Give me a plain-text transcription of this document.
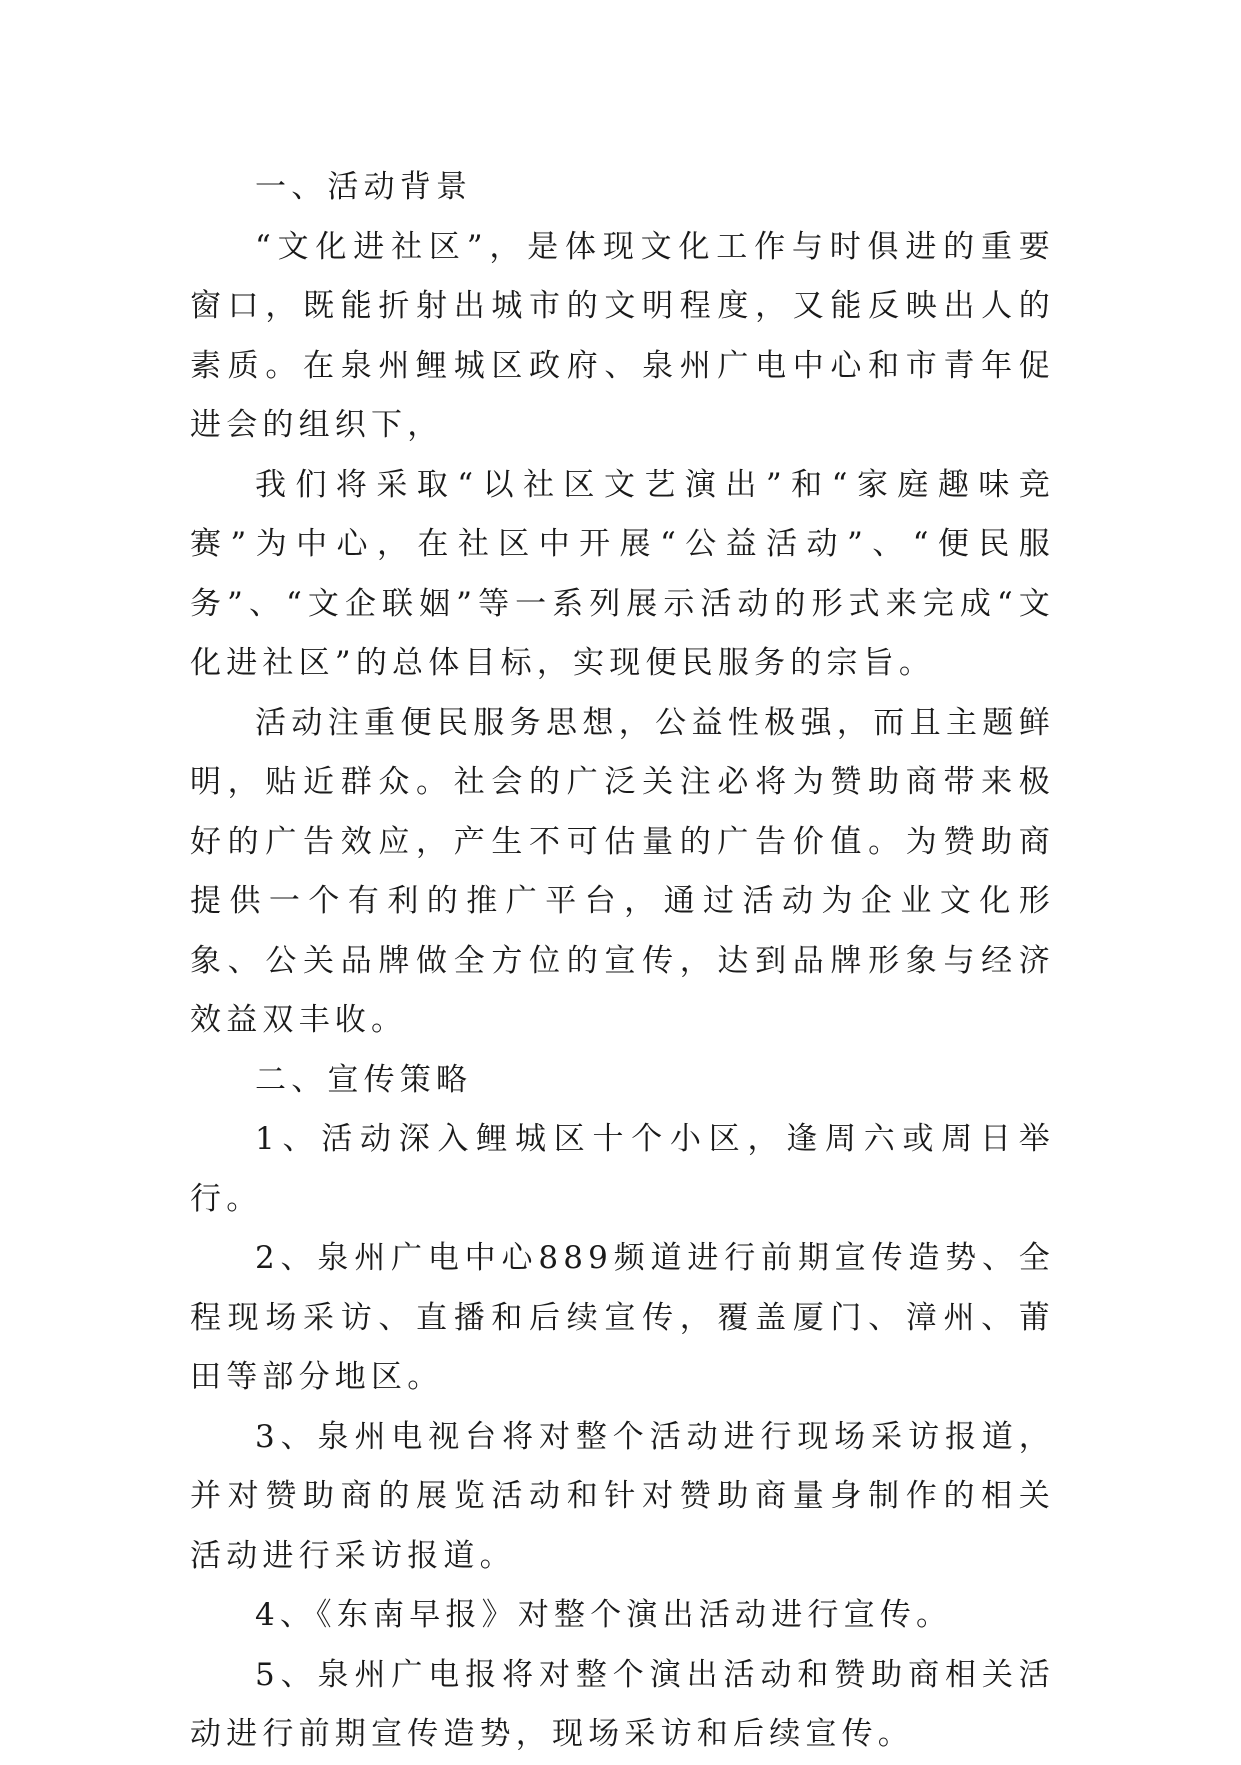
一、活动背景

“文化进社区”，是体现文化工作与时俱进的重要窗口，既能折射出城市的文明程度，又能反映出人的素质。在泉州鲤城区政府、泉州广电中心和市青年促进会的组织下，

我们将采取“以社区文艺演出”和“家庭趣味竞赛”为中心，在社区中开展“公益活动”、“便民服务”、“文企联姻”等一系列展示活动的形式来完成“文化进社区”的总体目标，实现便民服务的宗旨。

活动注重便民服务思想，公益性极强，而且主题鲜明，贴近群众。社会的广泛关注必将为赞助商带来极好的广告效应，产生不可估量的广告价值。为赞助商提供一个有利的推广平台，通过活动为企业文化形象、公关品牌做全方位的宣传，达到品牌形象与经济效益双丰收。

二、宣传策略

1、活动深入鲤城区十个小区，逢周六或周日举行。

2、泉州广电中心889频道进行前期宣传造势、全程现场采访、直播和后续宣传，覆盖厦门、漳州、莆田等部分地区。

3、泉州电视台将对整个活动进行现场采访报道，并对赞助商的展览活动和针对赞助商量身制作的相关活动进行采访报道。

4、《东南早报》对整个演出活动进行宣传。

5、泉州广电报将对整个演出活动和赞助商相关活动进行前期宣传造势，现场采访和后续宣传。
